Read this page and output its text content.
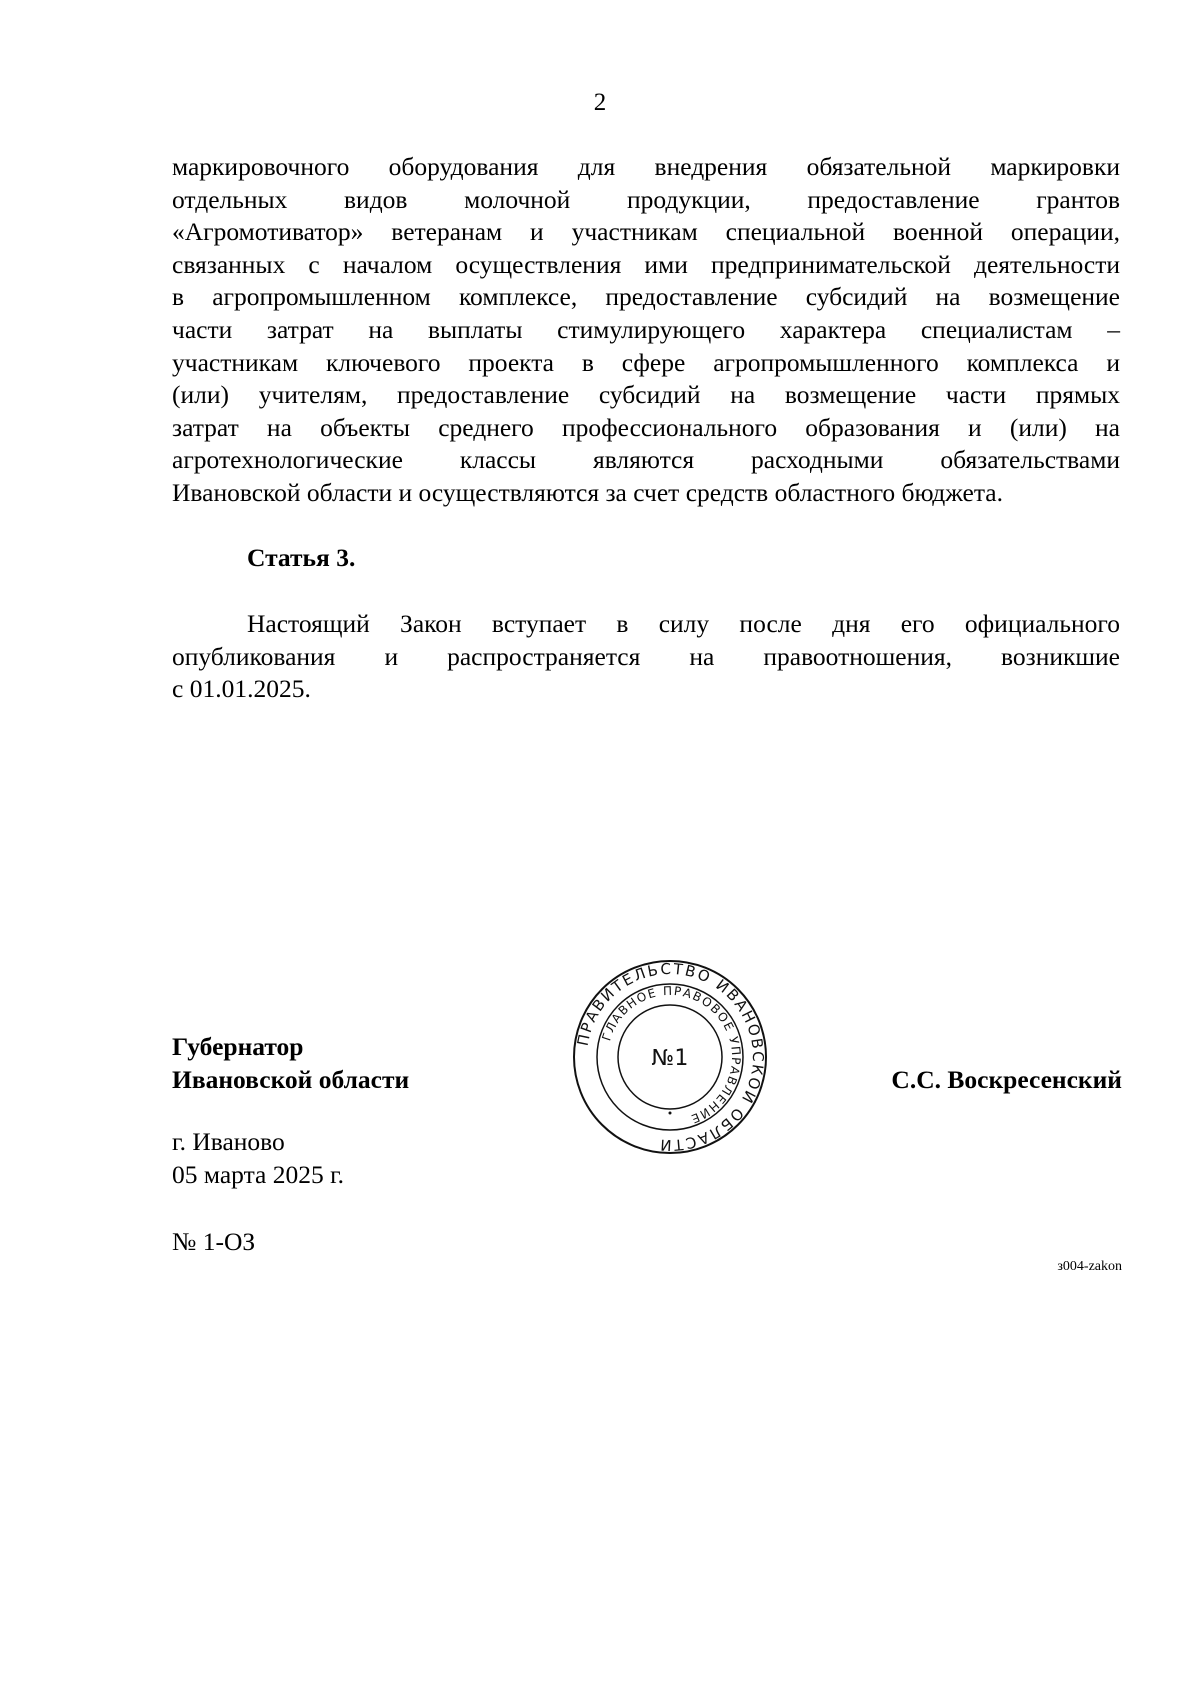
2
маркировочного оборудования для внедрения обязательной маркировки
отдельных видов молочной продукции, предоставление грантов
«Агромотиватор» ветеранам и участникам специальной военной операции,
связанных с началом осуществления ими предпринимательской деятельности
в агропромышленном комплексе, предоставление субсидий на возмещение
части затрат на выплаты стимулирующего характера специалистам –
участникам ключевого проекта в сфере агропромышленного комплекса и
(или) учителям, предоставление субсидий на возмещение части прямых
затрат на объекты среднего профессионального образования и (или) на
агротехнологические классы являются расходными обязательствами
Ивановской области и осуществляются за счет средств областного бюджета.
Статья 3.
Настоящий Закон вступает в силу после дня его официального
опубликования и распространяется на правоотношения, возникшие
с 01.01.2025.
Губернатор
Ивановской области	С.С. Воскресенский
ПРАВИТЕЛЬСТВО ИВАНОВСКОЙ ОБЛАСТИ
ГЛАВНОЕ ПРАВОВОЕ УПРАВЛЕНИЕ
№1
г. Иваново
05 марта 2025 г.
№ 1-ОЗ
з004-zakon
